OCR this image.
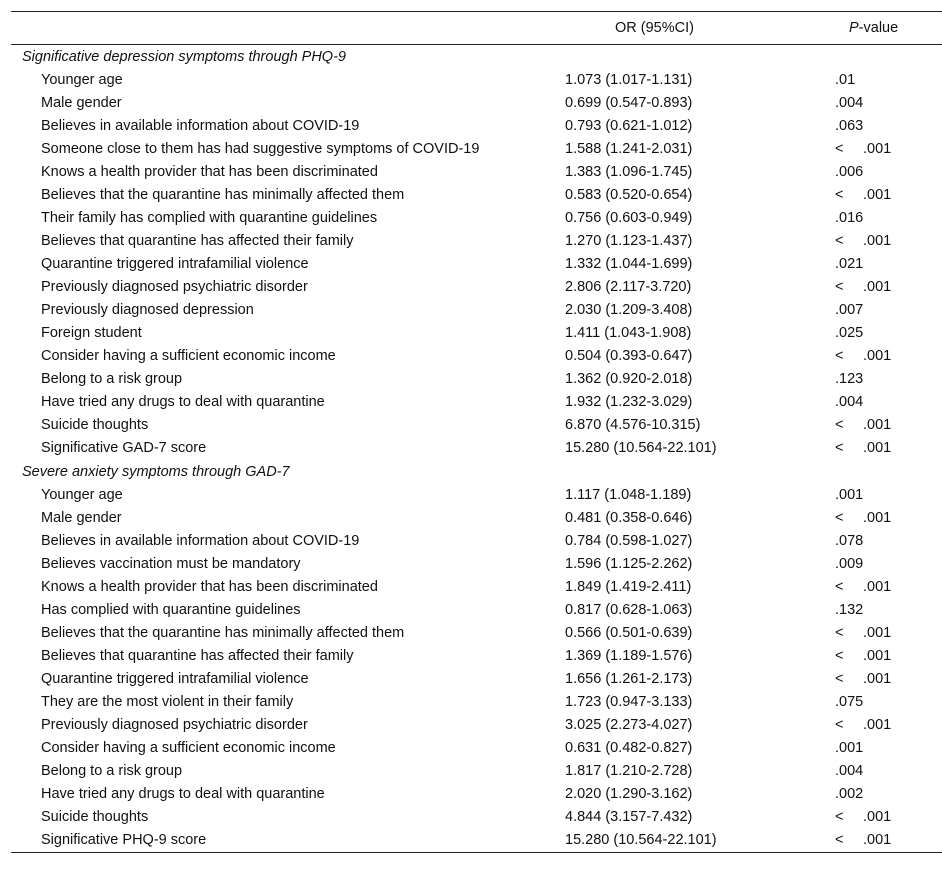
	OR (95%CI)	P-value
Significative depression symptoms through PHQ-9		
Younger age	1.073 (1.017-1.131)	.01
Male gender	0.699 (0.547-0.893)	.004
Believes in available information about COVID-19	0.793 (0.621-1.012)	.063
Someone close to them has had suggestive symptoms of COVID-19	1.588 (1.241-2.031)	< .001
Knows a health provider that has been discriminated	1.383 (1.096-1.745)	.006
Believes that the quarantine has minimally affected them	0.583 (0.520-0.654)	< .001
Their family has complied with quarantine guidelines	0.756 (0.603-0.949)	.016
Believes that quarantine has affected their family	1.270 (1.123-1.437)	< .001
Quarantine triggered intrafamilial violence	1.332 (1.044-1.699)	.021
Previously diagnosed psychiatric disorder	2.806 (2.117-3.720)	< .001
Previously diagnosed depression	2.030 (1.209-3.408)	.007
Foreign student	1.411 (1.043-1.908)	.025
Consider having a sufficient economic income	0.504 (0.393-0.647)	< .001
Belong to a risk group	1.362 (0.920-2.018)	.123
Have tried any drugs to deal with quarantine	1.932 (1.232-3.029)	.004
Suicide thoughts	6.870 (4.576-10.315)	< .001
Significative GAD-7 score	15.280 (10.564-22.101)	< .001
Severe anxiety symptoms through GAD-7		
Younger age	1.117 (1.048-1.189)	.001
Male gender	0.481 (0.358-0.646)	< .001
Believes in available information about COVID-19	0.784 (0.598-1.027)	.078
Believes vaccination must be mandatory	1.596 (1.125-2.262)	.009
Knows a health provider that has been discriminated	1.849 (1.419-2.411)	< .001
Has complied with quarantine guidelines	0.817 (0.628-1.063)	.132
Believes that the quarantine has minimally affected them	0.566 (0.501-0.639)	< .001
Believes that quarantine has affected their family	1.369 (1.189-1.576)	< .001
Quarantine triggered intrafamilial violence	1.656 (1.261-2.173)	< .001
They are the most violent in their family	1.723 (0.947-3.133)	.075
Previously diagnosed psychiatric disorder	3.025 (2.273-4.027)	< .001
Consider having a sufficient economic income	0.631 (0.482-0.827)	.001
Belong to a risk group	1.817 (1.210-2.728)	.004
Have tried any drugs to deal with quarantine	2.020 (1.290-3.162)	.002
Suicide thoughts	4.844 (3.157-7.432)	< .001
Significative PHQ-9 score	15.280 (10.564-22.101)	< .001
